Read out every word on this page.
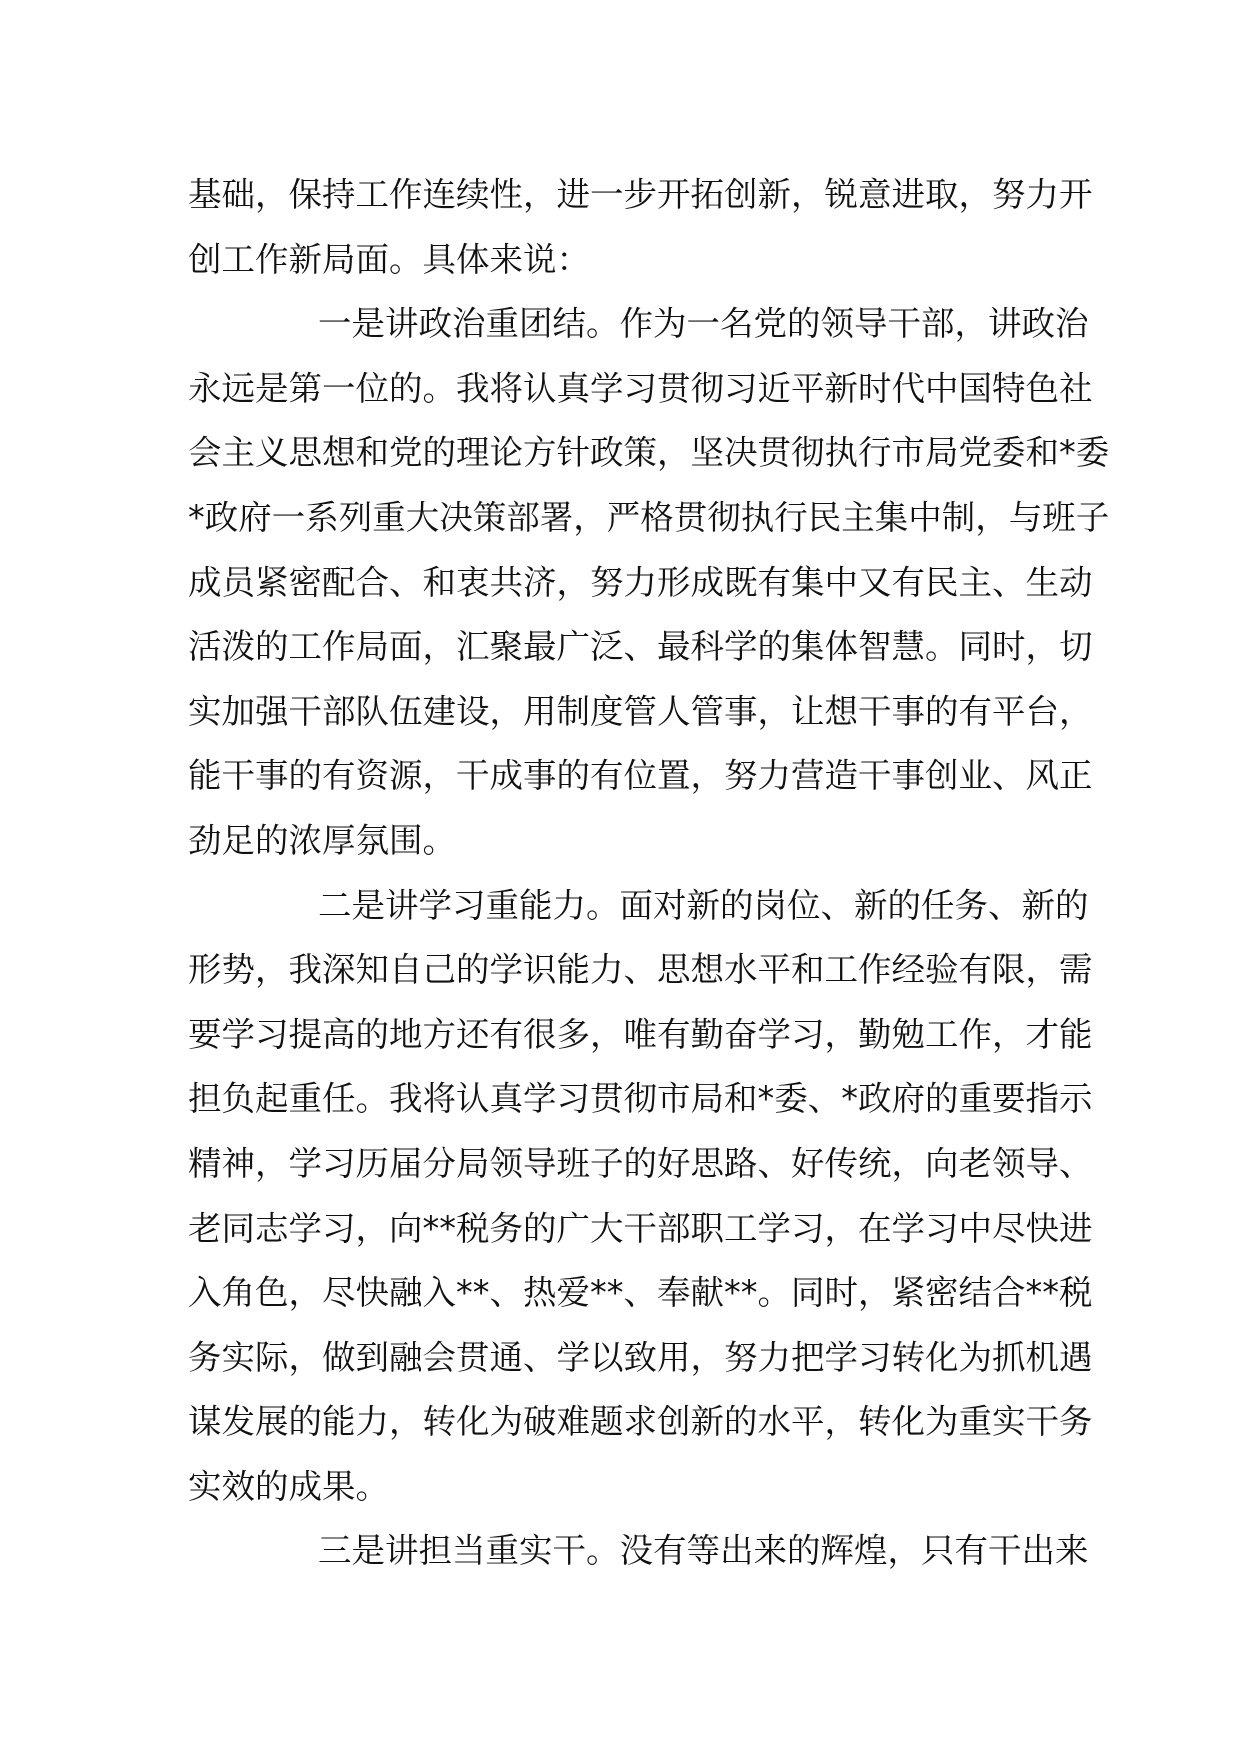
基础，保持工作连续性，进一步开拓创新，锐意进取，努力开
创工作新局面。具体来说：
一是讲政治重团结。作为一名党的领导干部，讲政治
永远是第一位的。我将认真学习贯彻习近平新时代中国特色社
会主义思想和党的理论方针政策，坚决贯彻执行市局党委和*委
*政府一系列重大决策部署，严格贯彻执行民主集中制，与班子
成员紧密配合、和衷共济，努力形成既有集中又有民主、生动
活泼的工作局面，汇聚最广泛、最科学的集体智慧。同时，切
实加强干部队伍建设，用制度管人管事，让想干事的有平台，
能干事的有资源，干成事的有位置，努力营造干事创业、风正
劲足的浓厚氛围。
二是讲学习重能力。面对新的岗位、新的任务、新的
形势，我深知自己的学识能力、思想水平和工作经验有限，需
要学习提高的地方还有很多，唯有勤奋学习，勤勉工作，才能
担负起重任。我将认真学习贯彻市局和*委、*政府的重要指示
精神，学习历届分局领导班子的好思路、好传统，向老领导、
老同志学习，向**税务的广大干部职工学习，在学习中尽快进
入角色，尽快融入**、热爱**、奉献**。同时，紧密结合**税
务实际，做到融会贯通、学以致用，努力把学习转化为抓机遇
谋发展的能力，转化为破难题求创新的水平，转化为重实干务
实效的成果。
三是讲担当重实干。没有等出来的辉煌，只有干出来
